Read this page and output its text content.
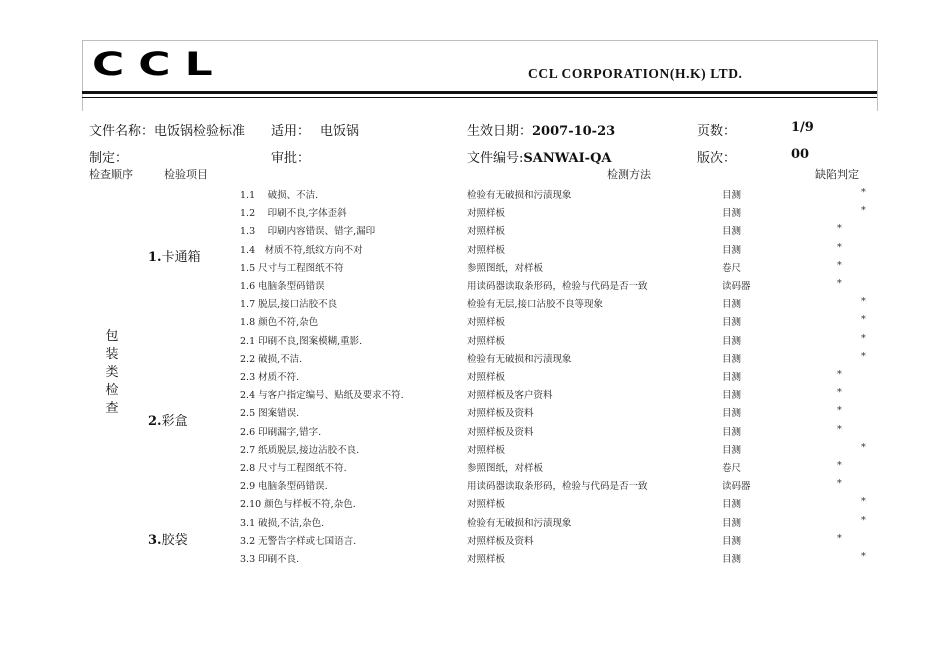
CCL	CCL CORPORATION(H.K) LTD.
文件名称：电饭锅检验标准 适用： 电饭锅	生效日期：2007-10-23	页数：	1/9
制定：	审批：	文件编号:SANWAI-QA	版次：	00
检查顺序	检验项目	检测方法	缺陷判定
包
装
类
检
查
1.卡通箱
2.彩盒
3.胶袋
1.1　 破损、不洁.	检验有无破损和污渍现象	目测	*
1.2　 印刷不良,字体歪斜	对照样板	目测	*
1.3　 印刷内容错误、错字,漏印	对照样板	目测	*
1.4　材质不符,纸纹方向不对	对照样板	目测	*
1.5 尺寸与工程图纸不符	参照图纸，对样板	卷尺	*
1.6 电脑条型码错误	用读码器读取条形码，检验与代码是否一致	读码器	*
1.7 脱层,接口沾胶不良	检验有无层,接口沾胶不良等现象	目测	*
1.8 颜色不符,杂色	对照样板	目测	*
2.1 印刷不良,图案模糊,重影.	对照样板	目测	*
2.2 破损,不洁.	检验有无破损和污渍现象	目测	*
2.3 材质不符.	对照样板	目测	*
2.4 与客户指定编号、贴纸及要求不符.	对照样板及客户资料	目测	*
2.5 图案错误.	对照样板及资料	目测	*
2.6 印刷漏字,错字.	对照样板及资料	目测	*
2.7 纸质脱层,接边沾胶不良.	对照样板	目测	*
2.8 尺寸与工程图纸不符.	参照图纸，对样板	卷尺	*
2.9 电脑条型码错误.	用读码器读取条形码，检验与代码是否一致	读码器	*
2.10 颜色与样板不符,杂色.	对照样板	目测	*
3.1 破损,不洁,杂色.	检验有无破损和污渍现象	目测	*
3.2 无警告字样或七国语言.	对照样板及资料	目测	*
3.3 印刷不良.	对照样板	目测	*
